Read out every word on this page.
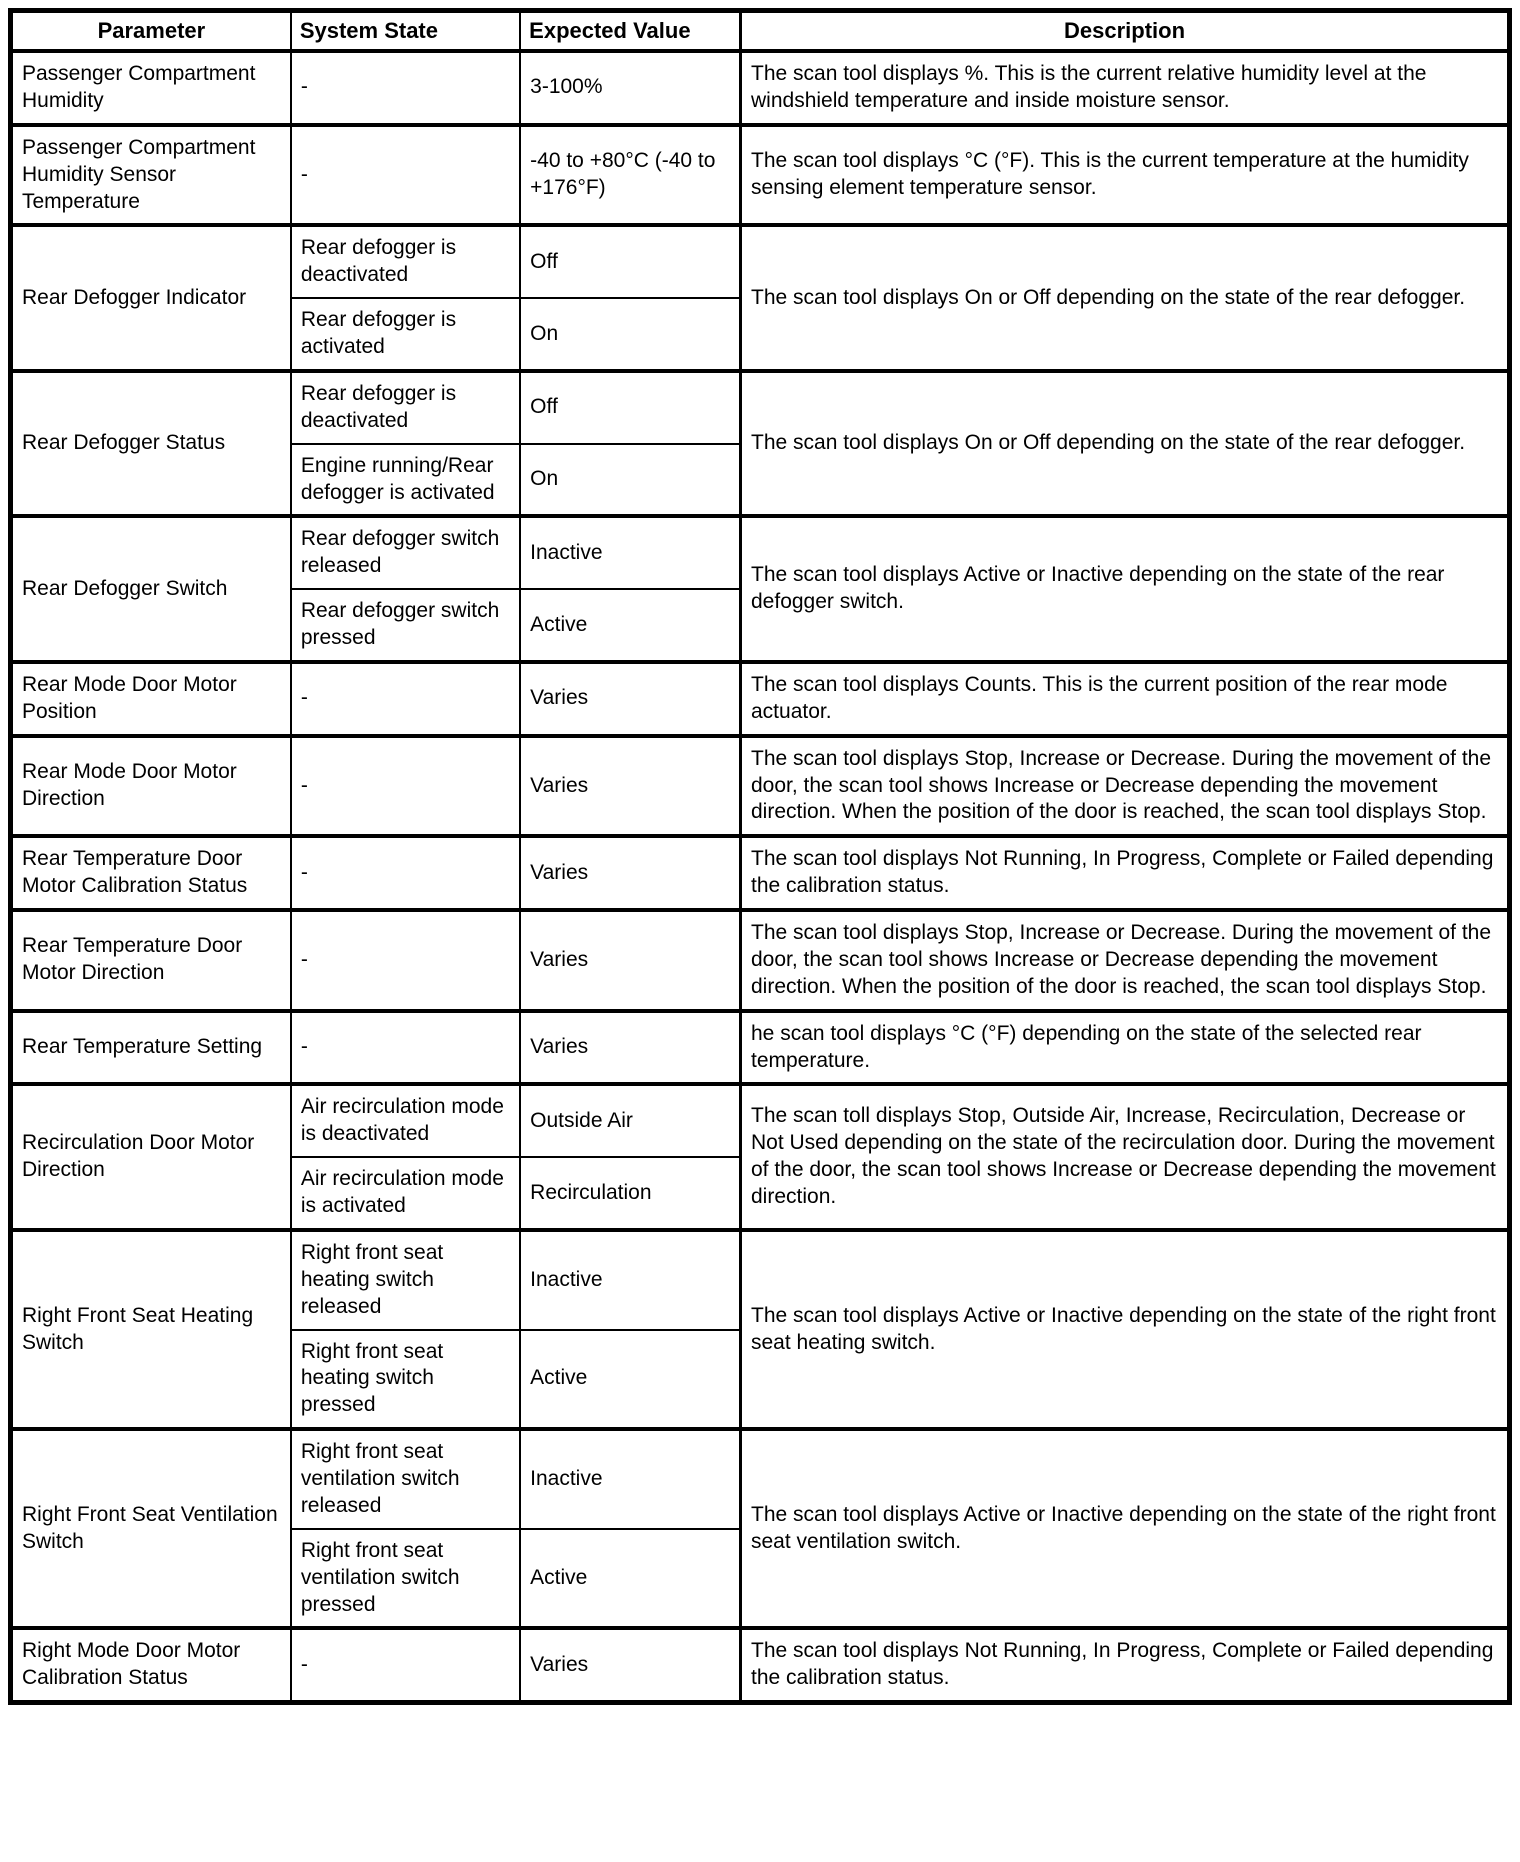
Parameter	System State	Expected Value	Description
Passenger Compartment Humidity	-	3-100%	The scan tool displays %. This is the current relative humidity level at the windshield temperature and inside moisture sensor.
Passenger Compartment Humidity Sensor Temperature	-	-40 to +80°C (-40 to +176°F)	The scan tool displays °C (°F). This is the current temperature at the humidity sensing element temperature sensor.
Rear Defogger Indicator	Rear defogger is deactivated	Off	The scan tool displays On or Off depending on the state of the rear defogger.
	Rear defogger is activated	On	
Rear Defogger Status	Rear defogger is deactivated	Off	The scan tool displays On or Off depending on the state of the rear defogger.
	Engine running/Rear defogger is activated	On	
Rear Defogger Switch	Rear defogger switch released	Inactive	The scan tool displays Active or Inactive depending on the state of the rear defogger switch.
	Rear defogger switch pressed	Active	
Rear Mode Door Motor Position	-	Varies	The scan tool displays Counts. This is the current position of the rear mode actuator.
Rear Mode Door Motor Direction	-	Varies	The scan tool displays Stop, Increase or Decrease. During the movement of the door, the scan tool shows Increase or Decrease depending the movement direction. When the position of the door is reached, the scan tool displays Stop.
Rear Temperature Door Motor Calibration Status	-	Varies	The scan tool displays Not Running, In Progress, Complete or Failed depending the calibration status.
Rear Temperature Door Motor Direction	-	Varies	The scan tool displays Stop, Increase or Decrease. During the movement of the door, the scan tool shows Increase or Decrease depending the movement direction. When the position of the door is reached, the scan tool displays Stop.
Rear Temperature Setting	-	Varies	he scan tool displays °C (°F) depending on the state of the selected rear temperature.
Recirculation Door Motor Direction	Air recirculation mode is deactivated	Outside Air	The scan toll displays Stop, Outside Air, Increase, Recirculation, Decrease or Not Used depending on the state of the recirculation door. During the movement of the door, the scan tool shows Increase or Decrease depending the movement direction.
	Air recirculation mode is activated	Recirculation	
Right Front Seat Heating Switch	Right front seat heating switch released	Inactive	The scan tool displays Active or Inactive depending on the state of the right front seat heating switch.
	Right front seat heating switch pressed	Active	
Right Front Seat Ventilation Switch	Right front seat ventilation switch released	Inactive	The scan tool displays Active or Inactive depending on the state of the right front seat ventilation switch.
	Right front seat ventilation switch pressed	Active	
Right Mode Door Motor Calibration Status	-	Varies	The scan tool displays Not Running, In Progress, Complete or Failed depending the calibration status.
